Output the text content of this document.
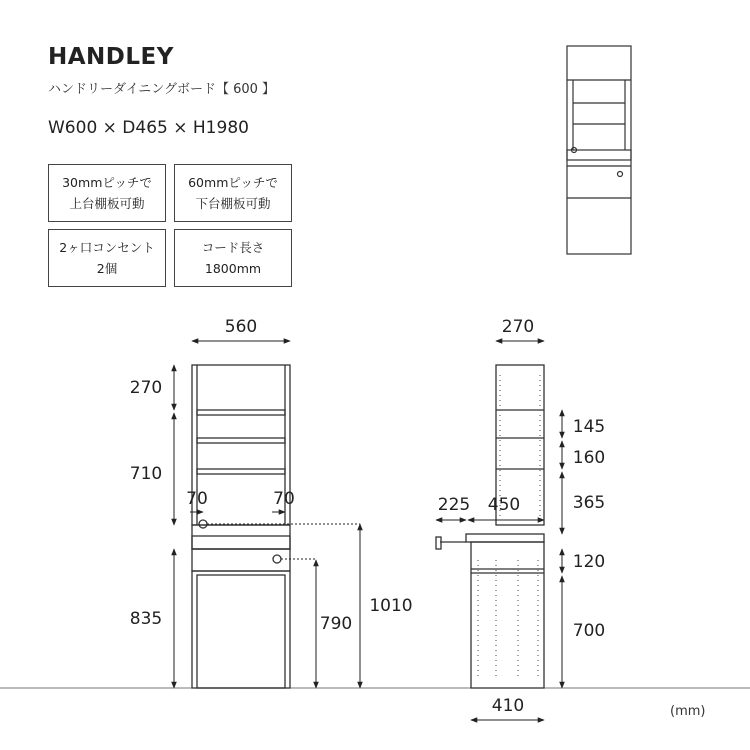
HANDLEY
ハンドリーダイニングボード【 600 】
W600 × D465 × H1980
30mmピッチで
上台棚板可動
60mmピッチで
下台棚板可動
2ヶ口コンセント
2個
コード長さ
1800mm
(mm)
560
270
710
70	70
835	790
1010
270
145
160
365
225 450
120
700
410
